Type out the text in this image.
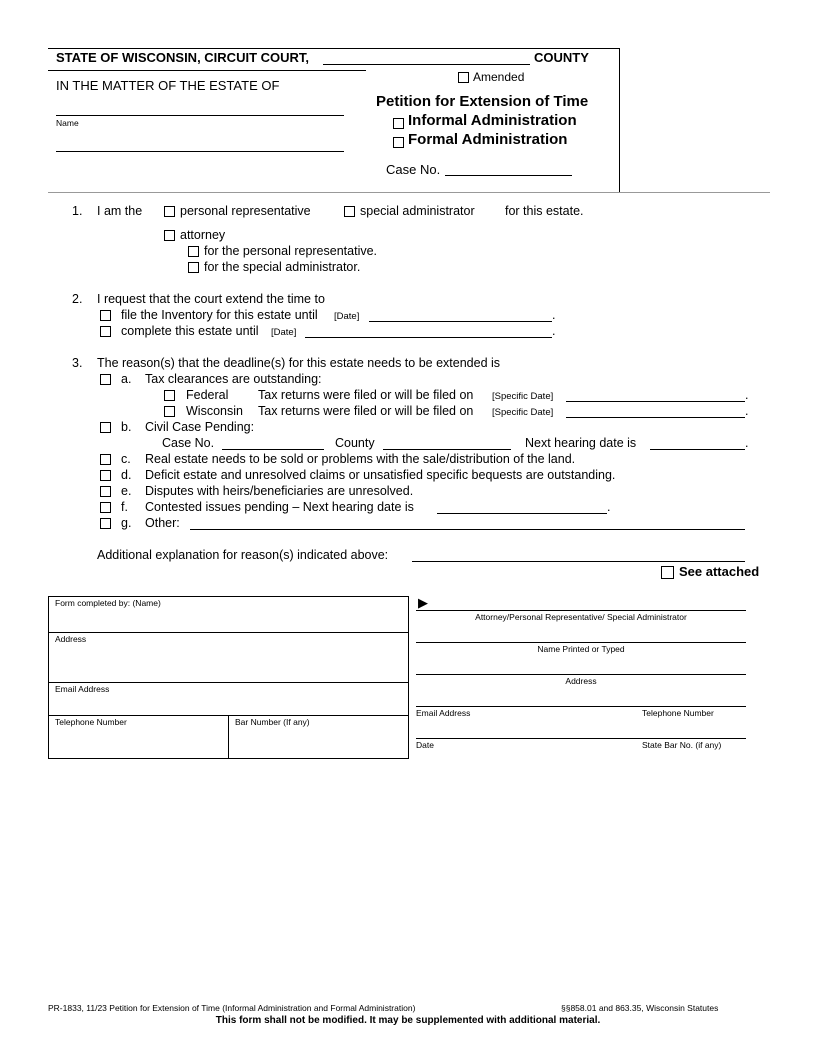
STATE OF WISCONSIN, CIRCUIT COURT,	COUNTY
IN THE MATTER OF THE ESTATE OF
Name
Amended
Petition for Extension of Time
Informal Administration
Formal Administration
Case No.
1. I am the	personal representative	special administrator for this estate.
attorney
for the personal representative.
for the special administrator.
2. I request that the court extend the time to
file the Inventory for this estate until [Date]	.
complete this estate until [Date]	.
3. The reason(s) that the deadline(s) for this estate needs to be extended is
a. Tax clearances are outstanding:
Federal Tax returns were filed or will be filed on [Specific Date]	.
Wisconsin Tax returns were filed or will be filed on [Specific Date]	.
b. Civil Case Pending:
Case No.	County	Next hearing date is	.
c. Real estate needs to be sold or problems with the sale/distribution of the land.
d. Deficit estate and unresolved claims or unsatisfied specific bequests are outstanding.
e. Disputes with heirs/beneficiaries are unresolved.
f. Contested issues pending – Next hearing date is	.
g. Other:
Additional explanation for reason(s) indicated above:
See attached
Form completed by: (Name)
Address
Email Address
Telephone Number	Bar Number (If any)
▶
Attorney/Personal Representative/ Special Administrator
Name Printed or Typed
Address
Email Address	Telephone Number
Date	State Bar No. (if any)
PR-1833, 11/23 Petition for Extension of Time (Informal Administration and Formal Administration)	§§858.01 and 863.35, Wisconsin Statutes
This form shall not be modified. It may be supplemented with additional material.
